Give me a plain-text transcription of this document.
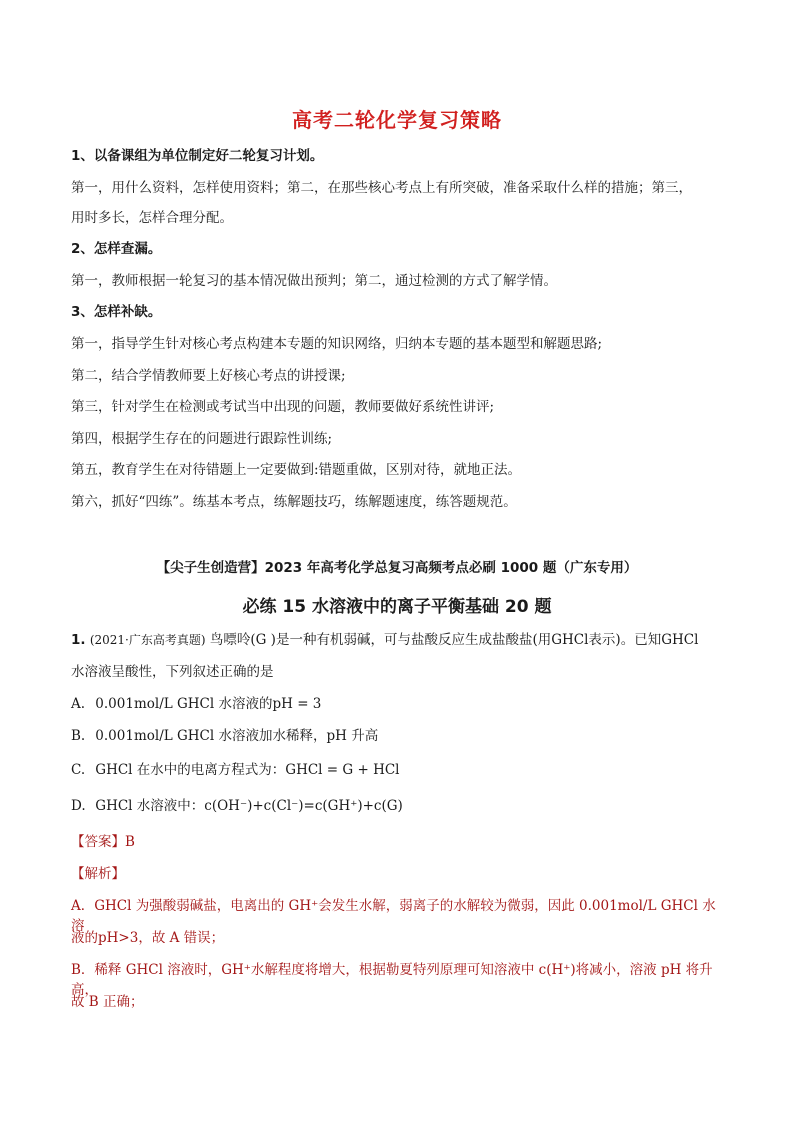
高考二轮化学复习策略
1、以备课组为单位制定好二轮复习计划。
第一，用什么资料，怎样使用资料；第二，在那些核心考点上有所突破，准备采取什么样的措施；第三，
用时多长，怎样合理分配。
2、怎样查漏。
第一，教师根据一轮复习的基本情况做出预判；第二，通过检测的方式了解学情。
3、怎样补缺。
第一，指导学生针对核心考点构建本专题的知识网络，归纳本专题的基本题型和解题思路;
第二，结合学情教师要上好核心考点的讲授课;
第三，针对学生在检测或考试当中出现的问题，教师要做好系统性讲评;
第四，根据学生存在的问题进行跟踪性训练;
第五，教育学生在对待错题上一定要做到:错题重做，区别对待，就地正法。
第六，抓好“四练”。练基本考点，练解题技巧，练解题速度，练答题规范。
【尖子生创造营】2023 年高考化学总复习高频考点必刷 1000 题（广东专用）
必练 15 水溶液中的离子平衡基础 20 题
1. (2021·广东高考真题) 鸟嘌呤(G )是一种有机弱碱，可与盐酸反应生成盐酸盐(用GHCl表示)。已知GHCl
水溶液呈酸性，下列叙述正确的是
A. 0.001mol/L GHCl 水溶液的pH = 3
B. 0.001mol/L GHCl 水溶液加水稀释，pH 升高
C. GHCl 在水中的电离方程式为：GHCl = G + HCl
D. GHCl 水溶液中：c(OH⁻)+c(Cl⁻)=c(GH⁺)+c(G)
【答案】B
【解析】
A．GHCl 为强酸弱碱盐，电离出的 GH⁺会发生水解，弱离子的水解较为微弱，因此 0.001mol/L GHCl 水溶
液的pH>3，故 A 错误；
B．稀释 GHCl 溶液时，GH⁺水解程度将增大，根据勒夏特列原理可知溶液中 c(H⁺)将减小，溶液 pH 将升高，
故 B 正确；
